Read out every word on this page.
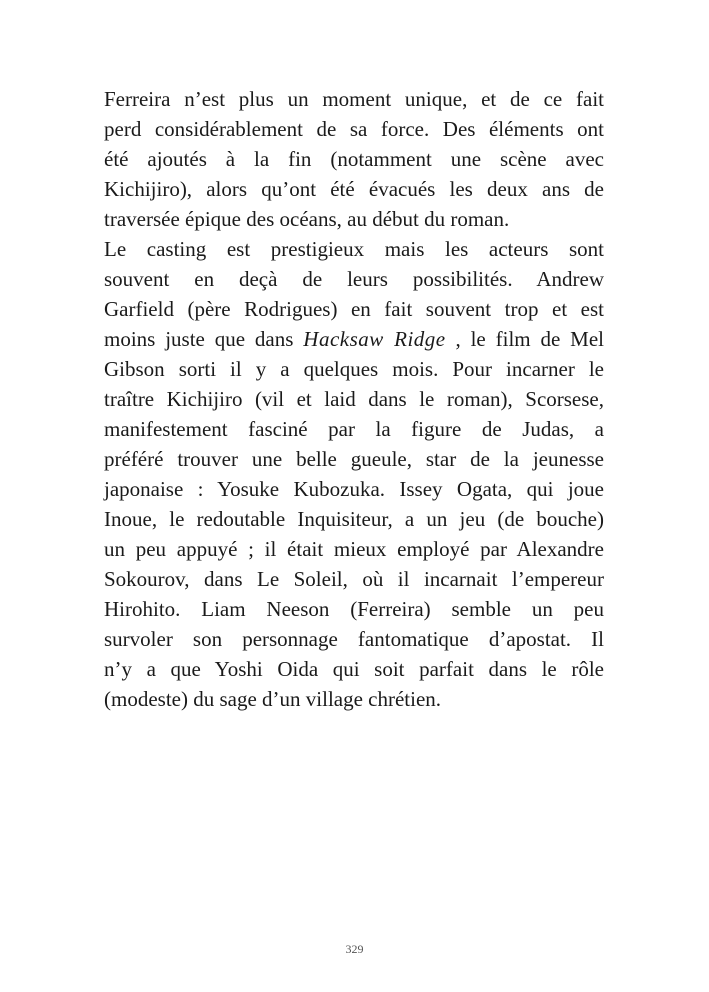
Ferreira n’est plus un moment unique, et de ce fait
perd considérablement de sa force. Des éléments ont
été ajoutés à la fin (notamment une scène avec
Kichijiro), alors qu’ont été évacués les deux ans de
traversée épique des océans, au début du roman.
Le casting est prestigieux mais les acteurs sont
souvent en deçà de leurs possibilités. Andrew
Garfield (père Rodrigues) en fait souvent trop et est
moins juste que dans Hacksaw Ridge , le film de Mel
Gibson sorti il y a quelques mois. Pour incarner le
traître Kichijiro (vil et laid dans le roman), Scorsese,
manifestement fasciné par la figure de Judas, a
préféré trouver une belle gueule, star de la jeunesse
japonaise : Yosuke Kubozuka. Issey Ogata, qui joue
Inoue, le redoutable Inquisiteur, a un jeu (de bouche)
un peu appuyé ; il était mieux employé par Alexandre
Sokourov, dans Le Soleil, où il incarnait l’empereur
Hirohito. Liam Neeson (Ferreira) semble un peu
survoler son personnage fantomatique d’apostat. Il
n’y a que Yoshi Oida qui soit parfait dans le rôle
(modeste) du sage d’un village chrétien.
329
